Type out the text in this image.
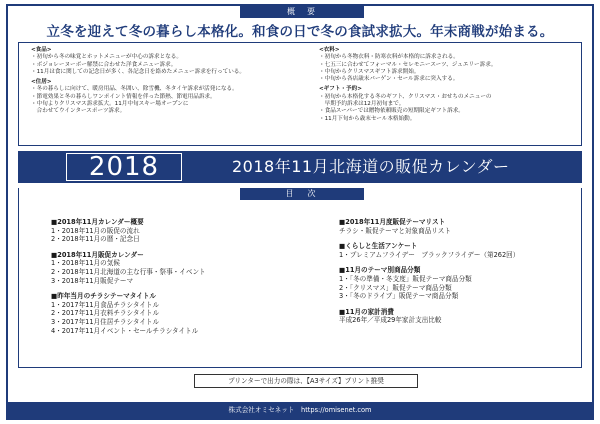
概　要
立冬を迎えて冬の暮らし本格化。和食の日で冬の食試求拡大。年末商戦が始まる。
<食品>
・初旬から冬の味覚とホットメニューが中心の訴求となる。
・ボジョレーヌーボー解禁に合わせた洋食メニュー訴求。
・11月は食に関しての記念日が多く、各記念日を絡めたメニュー訴求を行っている。
<住居>
・冬の暮らしに向けて、暖房用品、冬囲い、除雪機、冬タイヤ訴求が活発になる。
・節電効果と冬の暮らしワンポイント情報を伴った節熱、節電用品訴求。
・中旬よりクリスマス訴求拡大。11月中旬スキー場オープンに
　合わせてウインタースポーツ訴求。
<衣料>
・初旬から冬物衣料・防寒衣料が本格的に訴求される。
・七五三に合わせてフォーマル・セレモニースーツ、ジュエリー訴求。
・中旬からクリスマスギフト訴求開始。
・中旬から各店歳末バーゲン・セール訴求に突入する。
<ギフト・予約>
・初旬から本格化する冬のギフト、クリスマス・おせちのメニューの
　早期予約訴求は12月初旬まで。
・食品スーパーでは贈物依頼販売の短期限定ギフト訴求。
・11月下旬から歳末セール本格始動。
2018	2018年11月北海道の販促カレンダー
■2018年11月カレンダー概要
1・2018年11月の販促の流れ
2・2018年11月の暦・記念日
■2018年11月販促カレンダー
1・2018年11月の気候
2・2018年11月北海道の主な行事・祭事・イベント
3・2018年11月販促テーマ
■昨年当月のチラシテーマタイトル
1・2017年11月食品チラシタイトル
2・2017年11月衣料チラシタイトル
3・2017年11月住居チラシタイトル
4・2017年11月イベント・セールチラシタイトル
■2018年11月度販促テーマリスト
チラシ・販促テーマと対象商品リスト
■くらしと生活アンケート
1・プレミアムフライデー　ブラックフライデー（第262回）
■11月のテーマ別商品分類
1・「冬の準備・冬支度」販促テーマ商品分類
2・「クリスマス」販促テーマ商品分類
3・「冬のドライブ」販促テーマ商品分類
■11月の家計消費
平成26年／平成29年家計支出比較
目　次
プリンターで出力の際は、【A3サイズ】プリント推奨
株式会社オミセネット　https://omisenet.com
